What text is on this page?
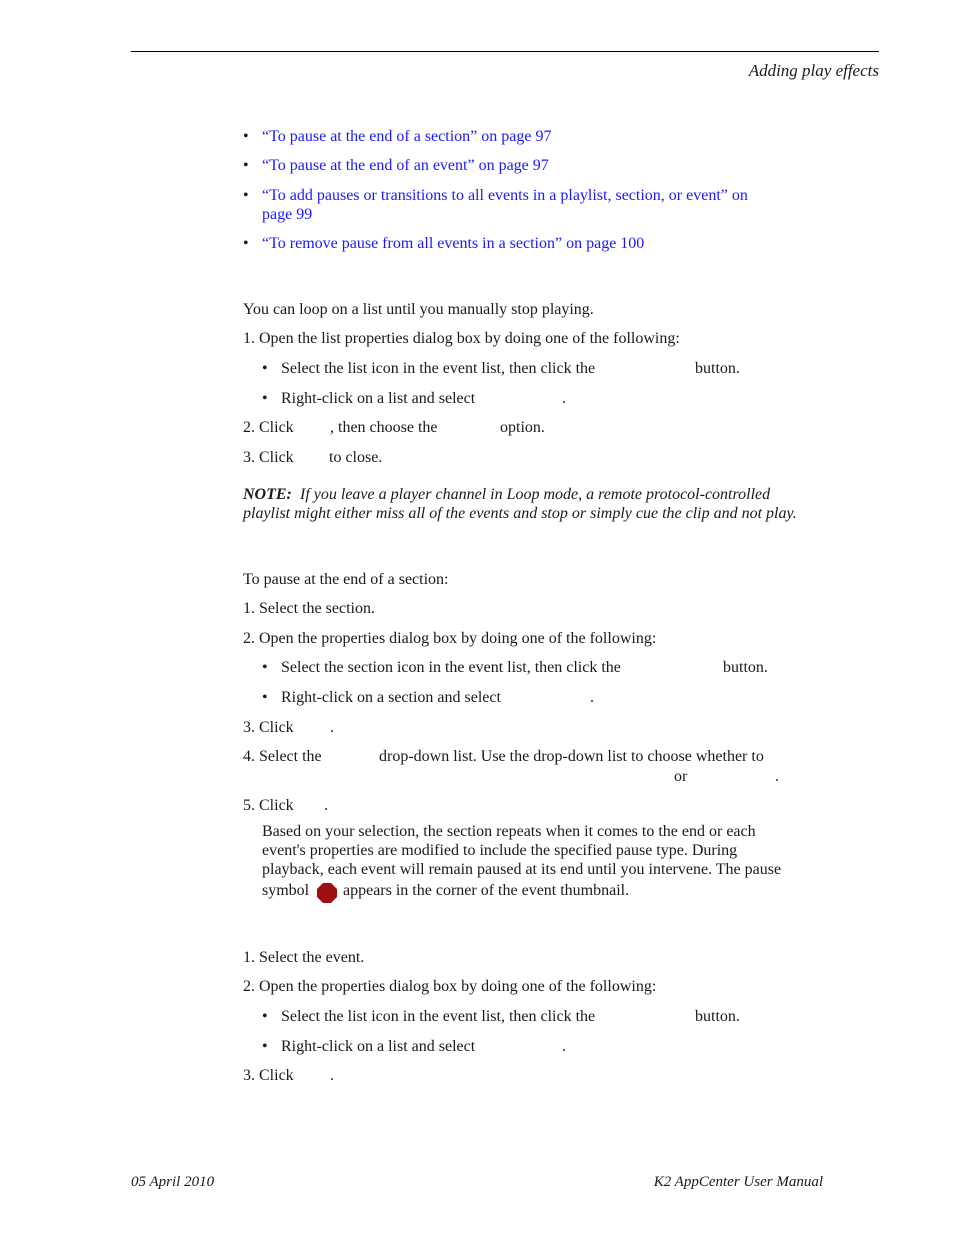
Adding play effects
• “To pause at the end of a section” on page 97
• “To pause at the end of an event” on page 97
• “To add pauses or transitions to all events in a playlist, section, or event” on
page 99
• “To remove pause from all events in a section” on page 100
You can loop on a list until you manually stop playing.
1. Open the list properties dialog box by doing one of the following:
• Select the list icon in the event list, then click the	button.
• Right-click on a list and select	.
2. Click , then choose the	option.
3. Click to close.
NOTE: If you leave a player channel in Loop mode, a remote protocol-controlled
playlist might either miss all of the events and stop or simply cue the clip and not play.
To pause at the end of a section:
1. Select the section.
2. Open the properties dialog box by doing one of the following:
• Select the section icon in the event list, then click the	button.
• Right-click on a section and select	.
3. Click .
4. Select the	drop-down list. Use the drop-down list to choose whether to
or	.
5. Click .
Based on your selection, the section repeats when it comes to the end or each
event's properties are modified to include the specified pause type. During
playback, each event will remain paused at its end until you intervene. The pause
symbol appears in the corner of the event thumbnail.
1. Select the event.
2. Open the properties dialog box by doing one of the following:
• Select the list icon in the event list, then click the	button.
• Right-click on a list and select	.
3. Click .
05 April 2010	K2 AppCenter User Manual
